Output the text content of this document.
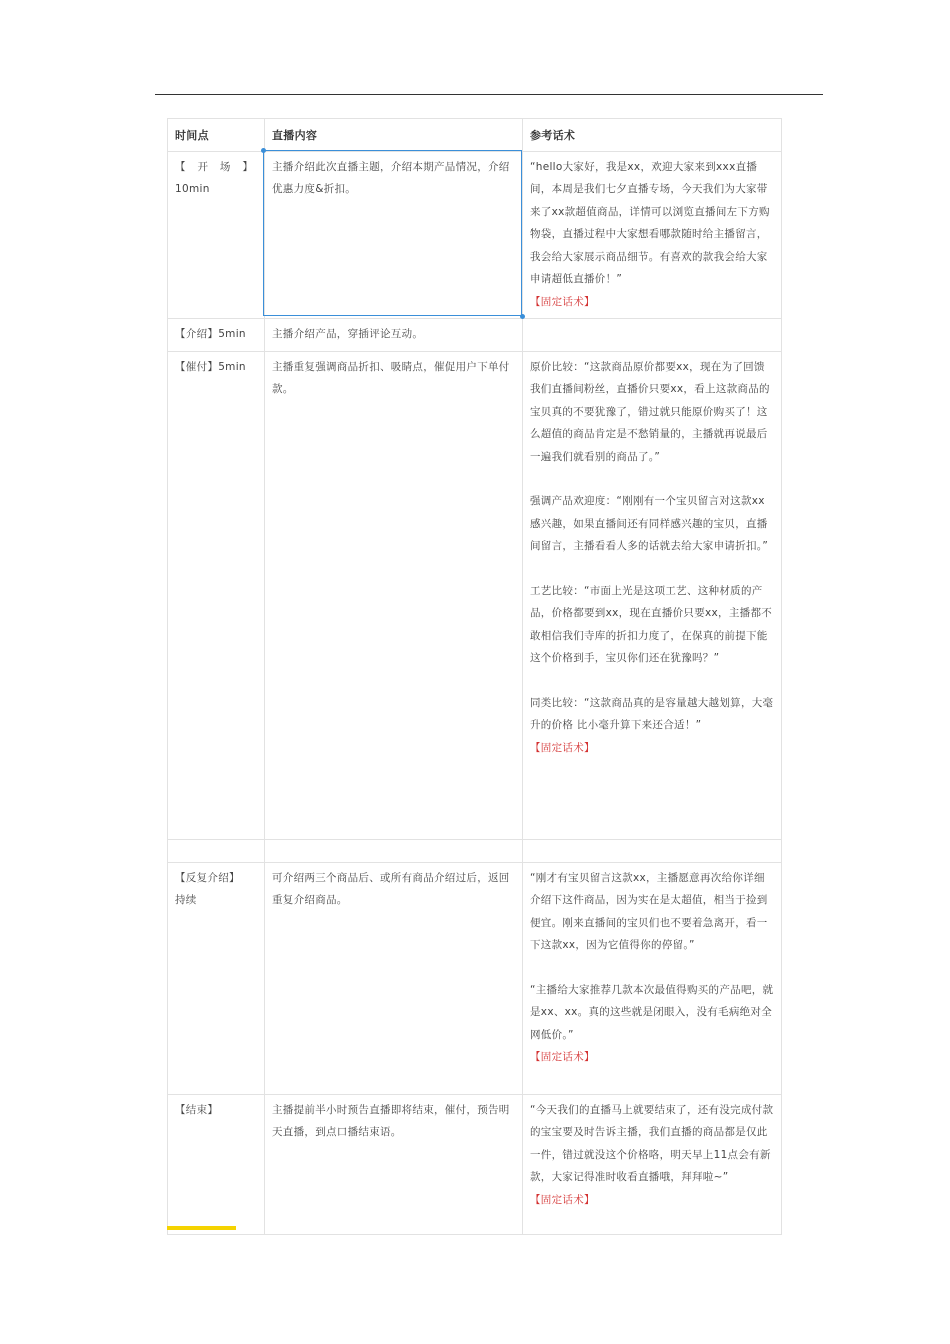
时间点	直播内容	参考话术

【 开 场 】
10min	主播介绍此次直播主题，介绍本期产品情况，介绍优惠力度&折扣。	“hello大家好，我是xx，欢迎大家来到xxx直播间，本周是我们七夕直播专场，今天我们为大家带来了xx款超值商品，详情可以浏览直播间左下方购物袋，直播过程中大家想看哪款随时给主播留言，我会给大家展示商品细节。有喜欢的款我会给大家申请超低直播价！”
【固定话术】

【介绍】5min	主播介绍产品，穿插评论互动。	
【催付】5min	主播重复强调商品折扣、吸睛点，催促用户下单付款。	原价比较：“这款商品原价都要xx，现在为了回馈我们直播间粉丝，直播价只要xx，看上这款商品的宝贝真的不要犹豫了，错过就只能原价购买了！这么超值的商品肯定是不愁销量的，主播就再说最后一遍我们就看别的商品了。”
强调产品欢迎度：“刚刚有一个宝贝留言对这款xx感兴趣，如果直播间还有同样感兴趣的宝贝，直播间留言，主播看看人多的话就去给大家申请折扣。”
工艺比较：“市面上光是这项工艺、这种材质的产品，价格都要到xx，现在直播价只要xx，主播都不敢相信我们寺库的折扣力度了，在保真的前提下能这个价格到手，宝贝你们还在犹豫吗？”
同类比较：“这款商品真的是容量越大越划算，大毫升的价格 比小毫升算下来还合适！”
【固定话术】

【反复介绍】
持续	可介绍两三个商品后、或所有商品介绍过后，返回重复介绍商品。	“刚才有宝贝留言这款xx，主播愿意再次给你详细介绍下这件商品，因为实在是太超值，相当于捡到便宜。刚来直播间的宝贝们也不要着急离开，看一下这款xx，因为它值得你的停留。”
“主播给大家推荐几款本次最值得购买的产品吧，就是xx、xx。真的这些就是闭眼入，没有毛病绝对全网低价。”
【固定话术】

【结束】	主播提前半小时预告直播即将结束，催付，预告明天直播，到点口播结束语。	“今天我们的直播马上就要结束了，还有没完成付款的宝宝要及时告诉主播，我们直播的商品都是仅此一件，错过就没这个价格咯，明天早上11点会有新款，大家记得准时收看直播哦，拜拜啦~”
【固定话术】
